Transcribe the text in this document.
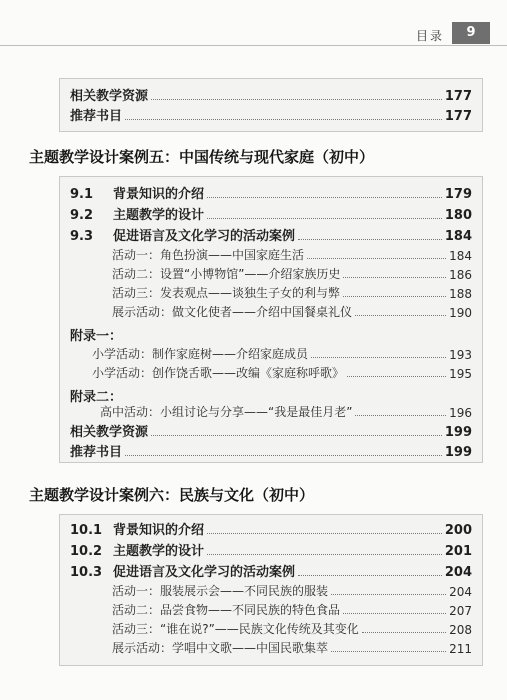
目录	9
相关教学资源	177
推荐书目	177
主题教学设计案例五：中国传统与现代家庭（初中）
9.1	背景知识的介绍	179
9.2	主题教学的设计	180
9.3	促进语言及文化学习的活动案例	184
活动一：角色扮演——中国家庭生活	184
活动二：设置“小博物馆”——介绍家族历史	186
活动三：发表观点——谈独生子女的利与弊	188
展示活动：做文化使者——介绍中国餐桌礼仪	190
附录一：
小学活动：制作家庭树——介绍家庭成员	193
小学活动：创作饶舌歌——改编《家庭称呼歌》	195
附录二：
高中活动：小组讨论与分享——“我是最佳月老”	196
相关教学资源	199
推荐书目	199
主题教学设计案例六：民族与文化（初中）
10.1 背景知识的介绍	200
10.2 主题教学的设计	201
10.3 促进语言及文化学习的活动案例	204
活动一：服装展示会——不同民族的服装	204
活动二：品尝食物——不同民族的特色食品	207
活动三：“谁在说?”——民族文化传统及其变化	208
展示活动：学唱中文歌——中国民歌集萃	211
